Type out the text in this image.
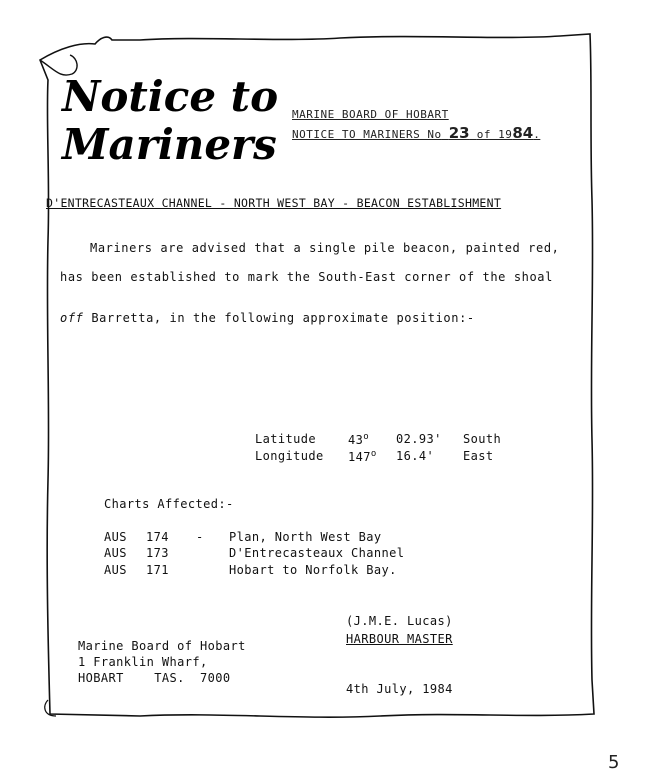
Notice to
Mariners
MARINE BOARD OF HOBART
NOTICE TO MARINERS No 23 of 1984.
D'ENTRECASTEAUX CHANNEL - NORTH WEST BAY - BEACON ESTABLISHMENT
Mariners are advised that a single pile beacon, painted red,
has been established to mark the South-East corner of the shoal
off Barretta, in the following approximate position:-
Latitude	43$^o$ 02.93' South
Longitude 147$^o$ 16.4' East
Charts Affected:-
AUS 174 - Plan, North West Bay
AUS 173	D'Entrecasteaux Channel
AUS 171	Hobart to Norfolk Bay.
(J.M.E. Lucas)
HARBOUR MASTER
Marine Board of Hobart
1 Franklin Wharf,
HOBART    TAS.  7000
4th July, 1984
5
